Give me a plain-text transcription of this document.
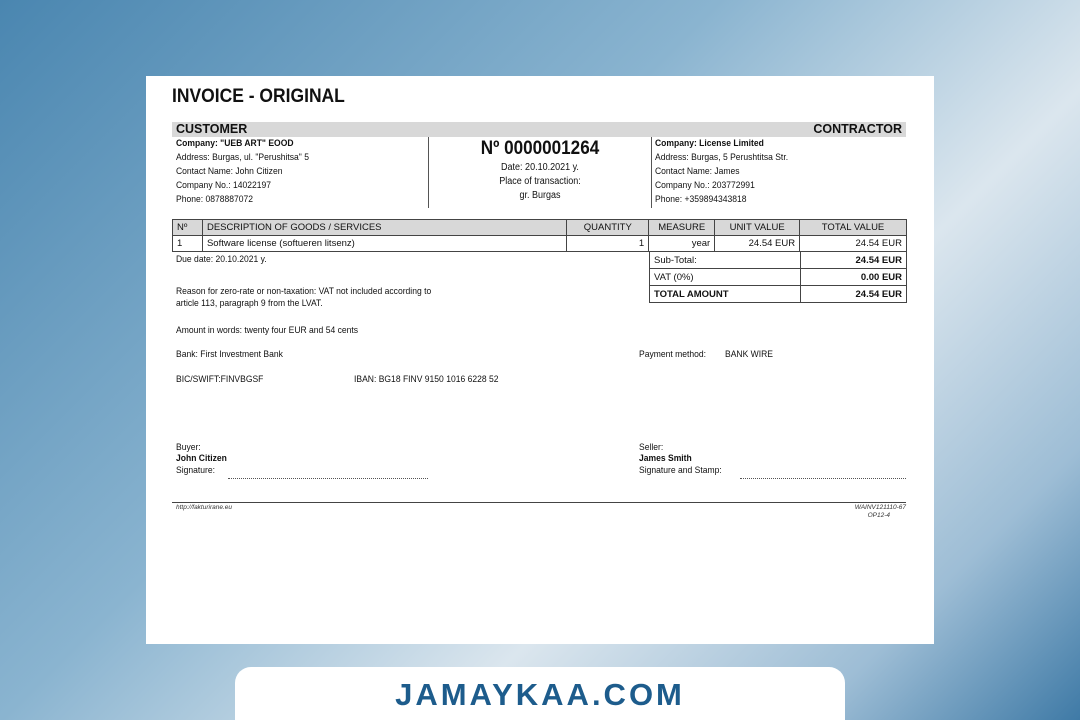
INVOICE - ORIGINAL
CUSTOMER	CONTRACTOR
Company: "UEB ART" EOOD
Address: Burgas, ul. "Perushitsa" 5
Contact Name: John Citizen
Company No.: 14022197
Phone: 0878887072
Nº 0000001264
Date: 20.10.2021 y.
Place of transaction:
gr. Burgas
Company: License Limited
Address: Burgas, 5 Perushtitsa Str.
Contact Name: James
Company No.: 203772991
Phone: +359894343818
Nº	DESCRIPTION OF GOODS / SERVICES	QUANTITY	MEASURE	UNIT VALUE	TOTAL VALUE
1	Software license (softueren litsenz)	1	year	24.54 EUR	24.54 EUR
Sub-Total:	24.54 EUR
VAT (0%)	0.00 EUR
TOTAL AMOUNT	24.54 EUR
Due date: 20.10.2021 y.
Reason for zero-rate or non-taxation: VAT not included according to
article 113, paragraph 9 from the LVAT.
Amount in words: twenty four EUR and 54 cents
Bank: First Investment Bank	Payment method: BANK WIRE
BIC/SWIFT:FINVBGSF	IBAN: BG18 FINV 9150 1016 6228 52
Buyer:
John Citizen
Signature:
Seller:
James Smith
Signature and Stamp:
http://fakturirane.eu	WAINV121110-67
OP12-4
JAMAYKAA.COM
